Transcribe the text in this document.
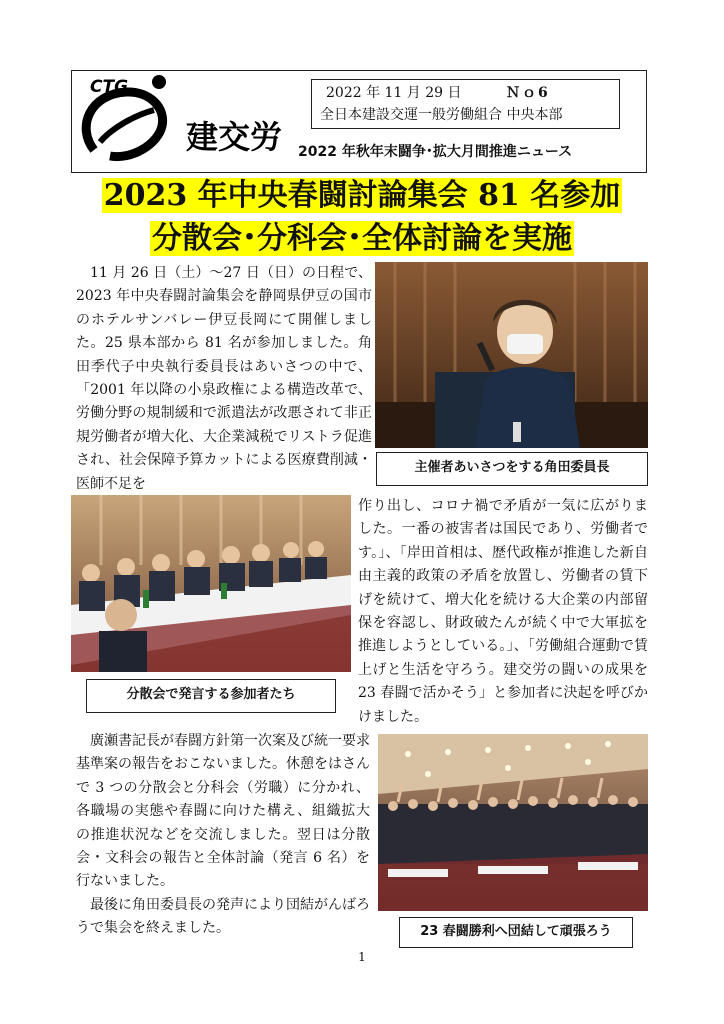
CTG
建交労
2022 年 11 月 29 日	Ｎｏ6
全日本建設交運一般労働組合 中央本部
2022 年秋年末闘争･拡大月間推進ニュース
2023 年中央春闘討論集会 81 名参加
分散会･分科会･全体討論を実施

11 月 26 日（土）～27 日（日）の日程で、2023 年中央春闘討論集会を静岡県伊豆の国市のホテルサンバレー伊豆長岡にて開催しました。25 県本部から 81 名が参加しました。角田季代子中央執行委員長はあいさつの中で、「2001 年以降の小泉政権による構造改革で、労働分野の規制緩和で派遣法が改悪されて非正規労働者が増大化、大企業減税でリストラ促進され、社会保障予算カットによる医療費削減・医師不足を

主催者あいさつをする角田委員長

作り出し、コロナ禍で矛盾が一気に広がりました。一番の被害者は国民であり、労働者です。」、「岸田首相は、歴代政権が推進した新自由主義的政策の矛盾を放置し、労働者の賃下げを続けて、増大化を続ける大企業の内部留保を容認し、財政破たんが続く中で大軍拡を推進しようとしている。」、「労働組合運動で賃上げと生活を守ろう。建交労の闘いの成果を 23 春闘で活かそう」と参加者に決起を呼びかけました。

分散会で発言する参加者たち

廣瀬書記長が春闘方針第一次案及び統一要求基準案の報告をおこないました。休憩をはさんで 3 つの分散会と分科会（労職）に分かれ、各職場の実態や春闘に向けた構え、組織拡大の推進状況などを交流しました。翌日は分散会・文科会の報告と全体討論（発言 6 名）を行ないました。

最後に角田委員長の発声により団結がんばろうで集会を終えました。	23 春闘勝利へ団結して頑張ろう
1
